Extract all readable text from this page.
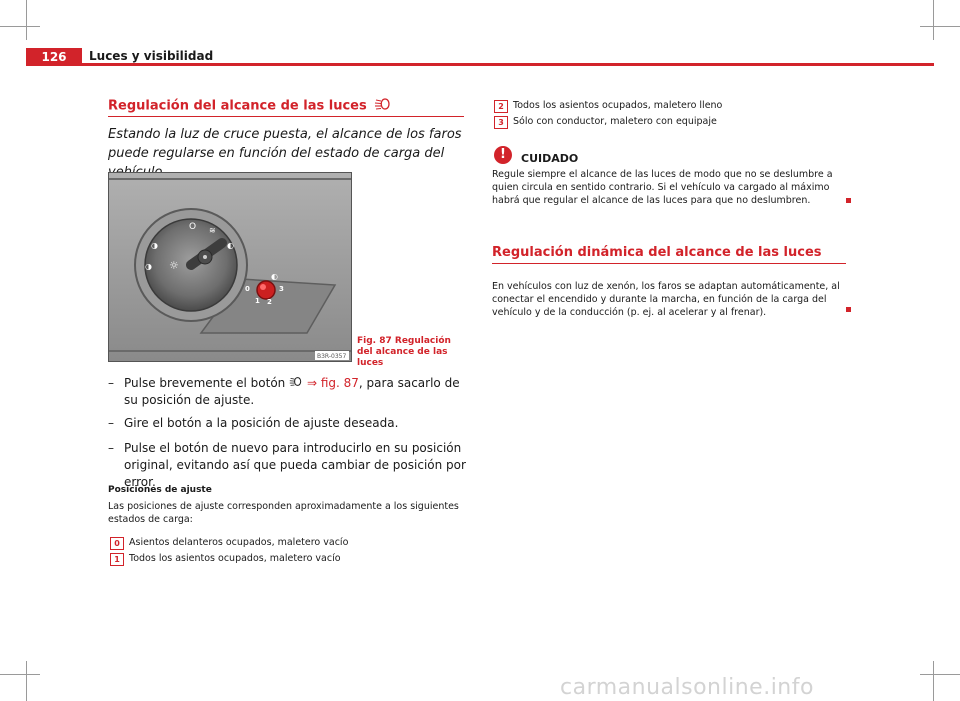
126	Luces y visibilidad
Regulación del alcance de las luces
Estando la luz de cruce puesta, el alcance de los faros puede regularse en función del estado de carga del
O ≋
◐
◑
◑ ☼
◐
0
1 2
3
B3R-0357
Fig. 87 Regulación del alcance de las luces
– Pulse brevemente el botón ⇒ fig. 87, para sacarlo de su posición de ajuste.
– Gire el botón a la posición de ajuste deseada.
– Pulse el botón de nuevo para introducirlo en su posición original, evitando así que pueda cambiar de posición por error.
Posiciones de ajuste
Las posiciones de ajuste corresponden aproximadamente a los siguientes estados de carga:
0 Asientos delanteros ocupados, maletero vacío
1 Todos los asientos ocupados, maletero vacío
2 Todos los asientos ocupados, maletero lleno
3 Sólo con conductor, maletero con equipaje
!	CUIDADO
Regule siempre el alcance de las luces de modo que no se deslumbre a quien circula en sentido contrario. Si el vehículo va cargado al máximo habrá que regular el alcance de las luces para que no deslumbren.
Regulación dinámica del alcance de las luces
En vehículos con luz de xenón, los faros se adaptan automáticamente, al conectar el encendido y durante la marcha, en función de la carga del vehículo y de la conducción (p. ej. al acelerar y al frenar).
carmanualsonline.info
